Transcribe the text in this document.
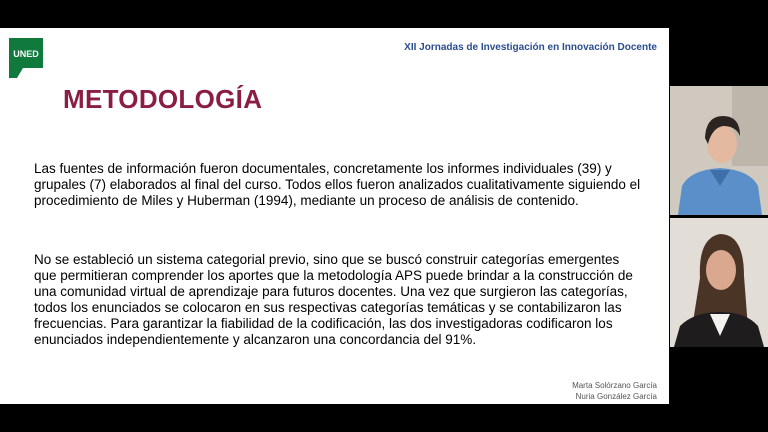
UNED
XII Jornadas de Investigación en Innovación Docente
METODOLOGÍA

Las fuentes de información fueron documentales, concretamente los informes individuales (39) y grupales (7) elaborados al final del curso. Todos ellos fueron analizados cualitativamente siguiendo el procedimiento de Miles y Huberman (1994), mediante un proceso de análisis de contenido.

No se estableció un sistema categorial previo, sino que se buscó construir categorías emergentes que permitieran comprender los aportes que la metodología APS puede brindar a la construcción de una comunidad virtual de aprendizaje para futuros docentes. Una vez que surgieron las categorías, todos los enunciados se colocaron en sus respectivas categorías temáticas y se contabilizaron las frecuencias. Para garantizar la fiabilidad de la codificación, las dos investigadoras codificaron los enunciados independientemente y alcanzaron una concordancia del 91%.

Marta Solórzano García
Nuria González García
